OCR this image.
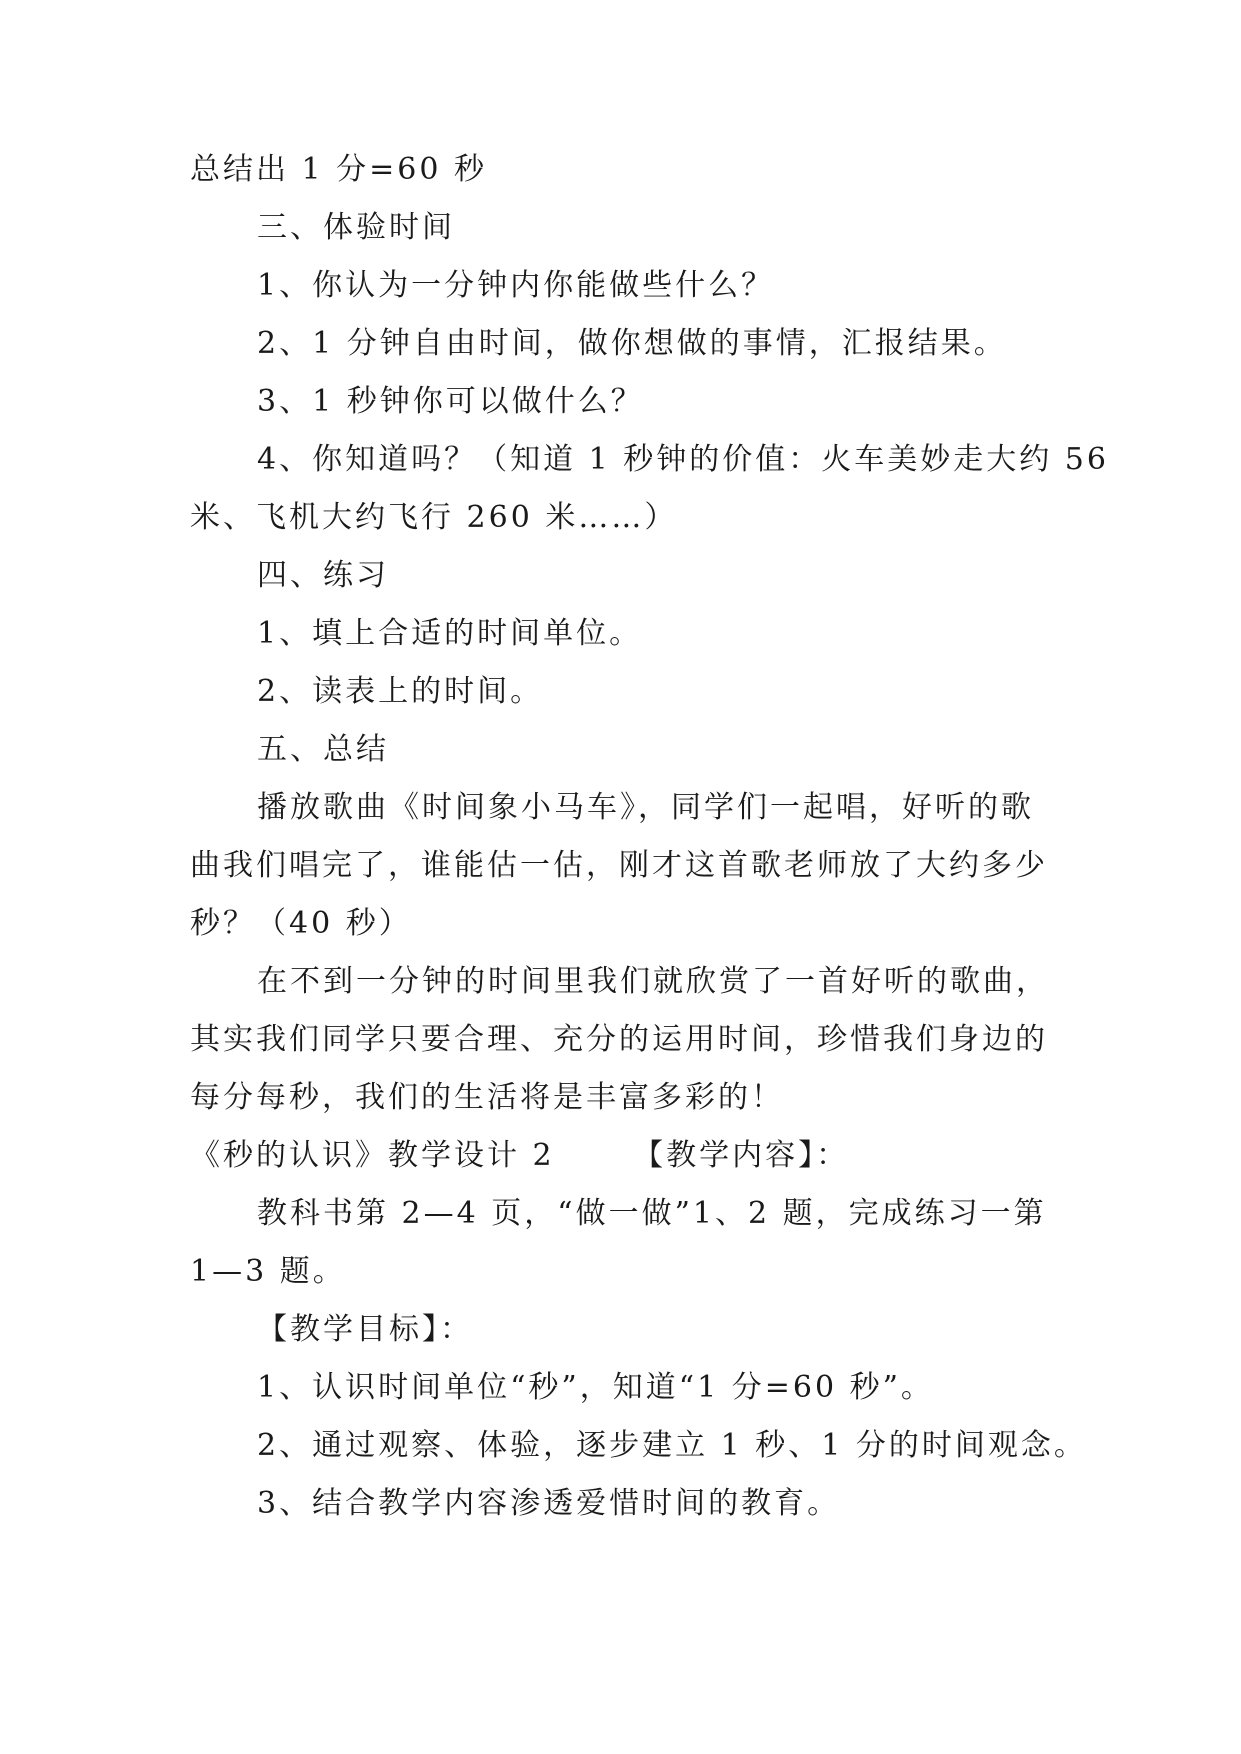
总结出 1 分=60 秒
三、体验时间
1、你认为一分钟内你能做些什么？
2、1 分钟自由时间，做你想做的事情，汇报结果。
3、1 秒钟你可以做什么？
4、你知道吗？（知道 1 秒钟的价值：火车美妙走大约 56
米、飞机大约飞行 260 米……）
四、练习
1、填上合适的时间单位。
2、读表上的时间。
五、总结
播放歌曲《时间象小马车》，同学们一起唱，好听的歌
曲我们唱完了，谁能估一估，刚才这首歌老师放了大约多少
秒？（40 秒）
在不到一分钟的时间里我们就欣赏了一首好听的歌曲，
其实我们同学只要合理、充分的运用时间，珍惜我们身边的
每分每秒，我们的生活将是丰富多彩的！
《秒的认识》教学设计 2　　 【教学内容】：
教科书第 2—4 页，“做一做”1、2 题，完成练习一第
1—3 题。
【教学目标】：
1、认识时间单位“秒”，知道“1 分=60 秒”。
2、通过观察、体验，逐步建立 1 秒、1 分的时间观念。
3、结合教学内容渗透爱惜时间的教育。
